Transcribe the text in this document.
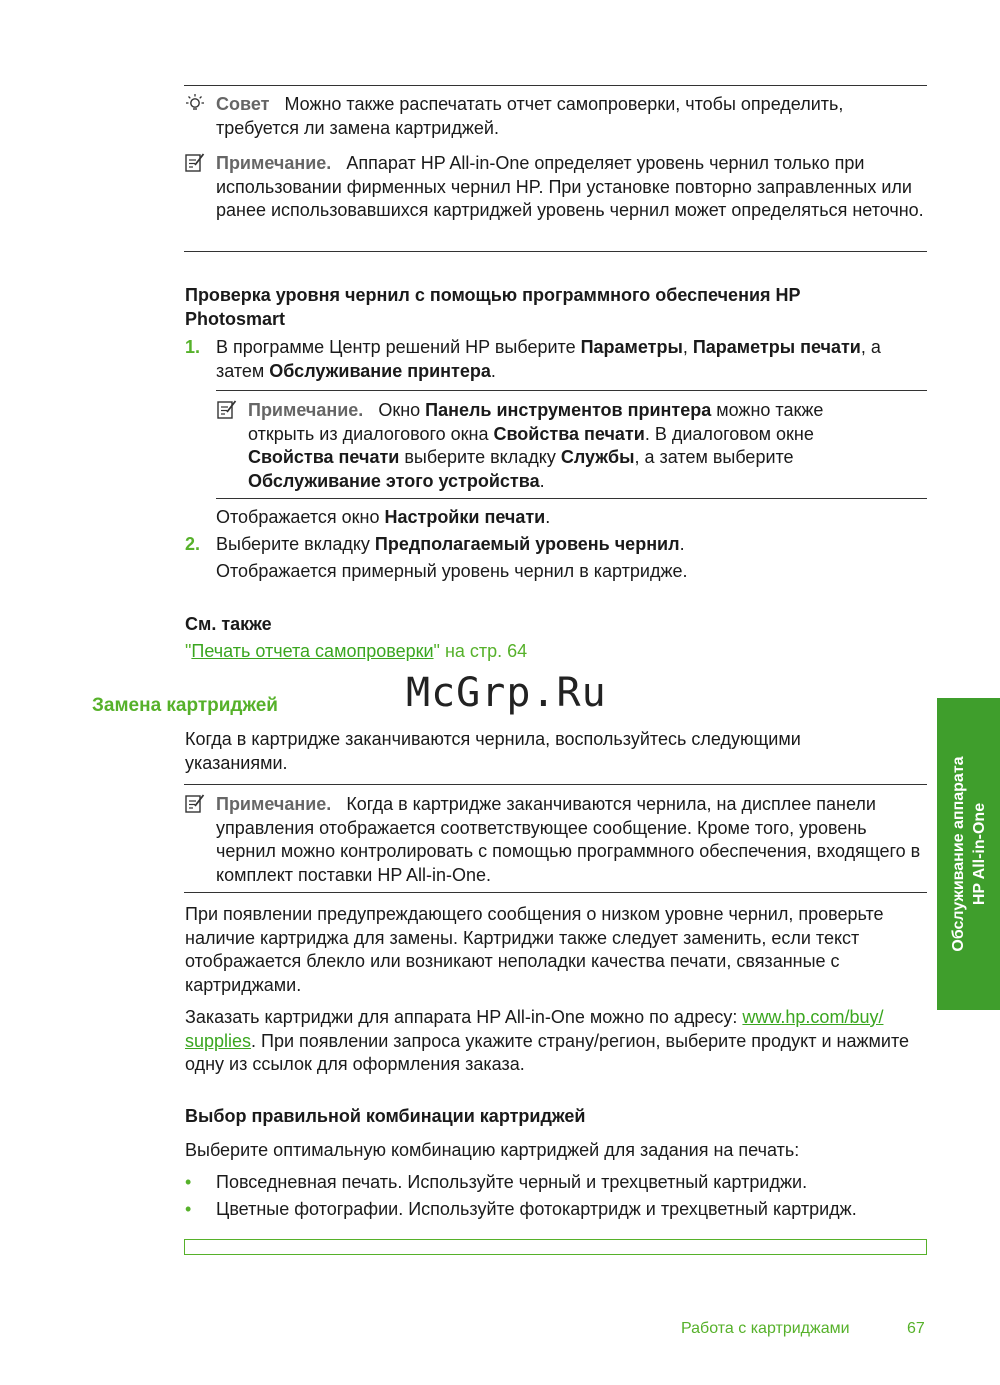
Совет Можно также распечатать отчет самопроверки, чтобы определить, требуется ли замена картриджей.
Примечание. Аппарат HP All-in-One определяет уровень чернил только при использовании фирменных чернил HP. При установке повторно заправленных или ранее использовавшихся картриджей уровень чернил может определяться неточно.
Проверка уровня чернил с помощью программного обеспечения HP Photosmart
1. В программе Центр решений HP выберите Параметры, Параметры печати, а затем Обслуживание принтера.
Примечание. Окно Панель инструментов принтера можно также открыть из диалогового окна Свойства печати. В диалоговом окне Свойства печати выберите вкладку Службы, а затем выберите Обслуживание этого устройства.
Отображается окно Настройки печати.
2. Выберите вкладку Предполагаемый уровень чернил.
Отображается примерный уровень чернил в картридже.
См. также
"Печать отчета самопроверки" на стр. 64
Замена картриджей	McGrp.Ru
Когда в картридже заканчиваются чернила, воспользуйтесь следующими указаниями.
Примечание. Когда в картридже заканчиваются чернила, на дисплее панели управления отображается соответствующее сообщение. Кроме того, уровень чернил можно контролировать с помощью программного обеспечения, входящего в комплект поставки HP All-in-One.
При появлении предупреждающего сообщения о низком уровне чернил, проверьте наличие картриджа для замены. Картриджи также следует заменить, если текст отображается блекло или возникают неполадки качества печати, связанные с картриджами.
Заказать картриджи для аппарата HP All-in-One можно по адресу: www.hp.com/buy/
supplies. При появлении запроса укажите страну/регион, выберите продукт и нажмите одну из ссылок для оформления заказа.
Выбор правильной комбинации картриджей
Выберите оптимальную комбинацию картриджей для задания на печать:
• Повседневная печать. Используйте черный и трехцветный картриджи.
• Цветные фотографии. Используйте фотокартридж и трехцветный картридж.
Обслуживание аппарата HP All-in-One
Работа с картриджами	67
